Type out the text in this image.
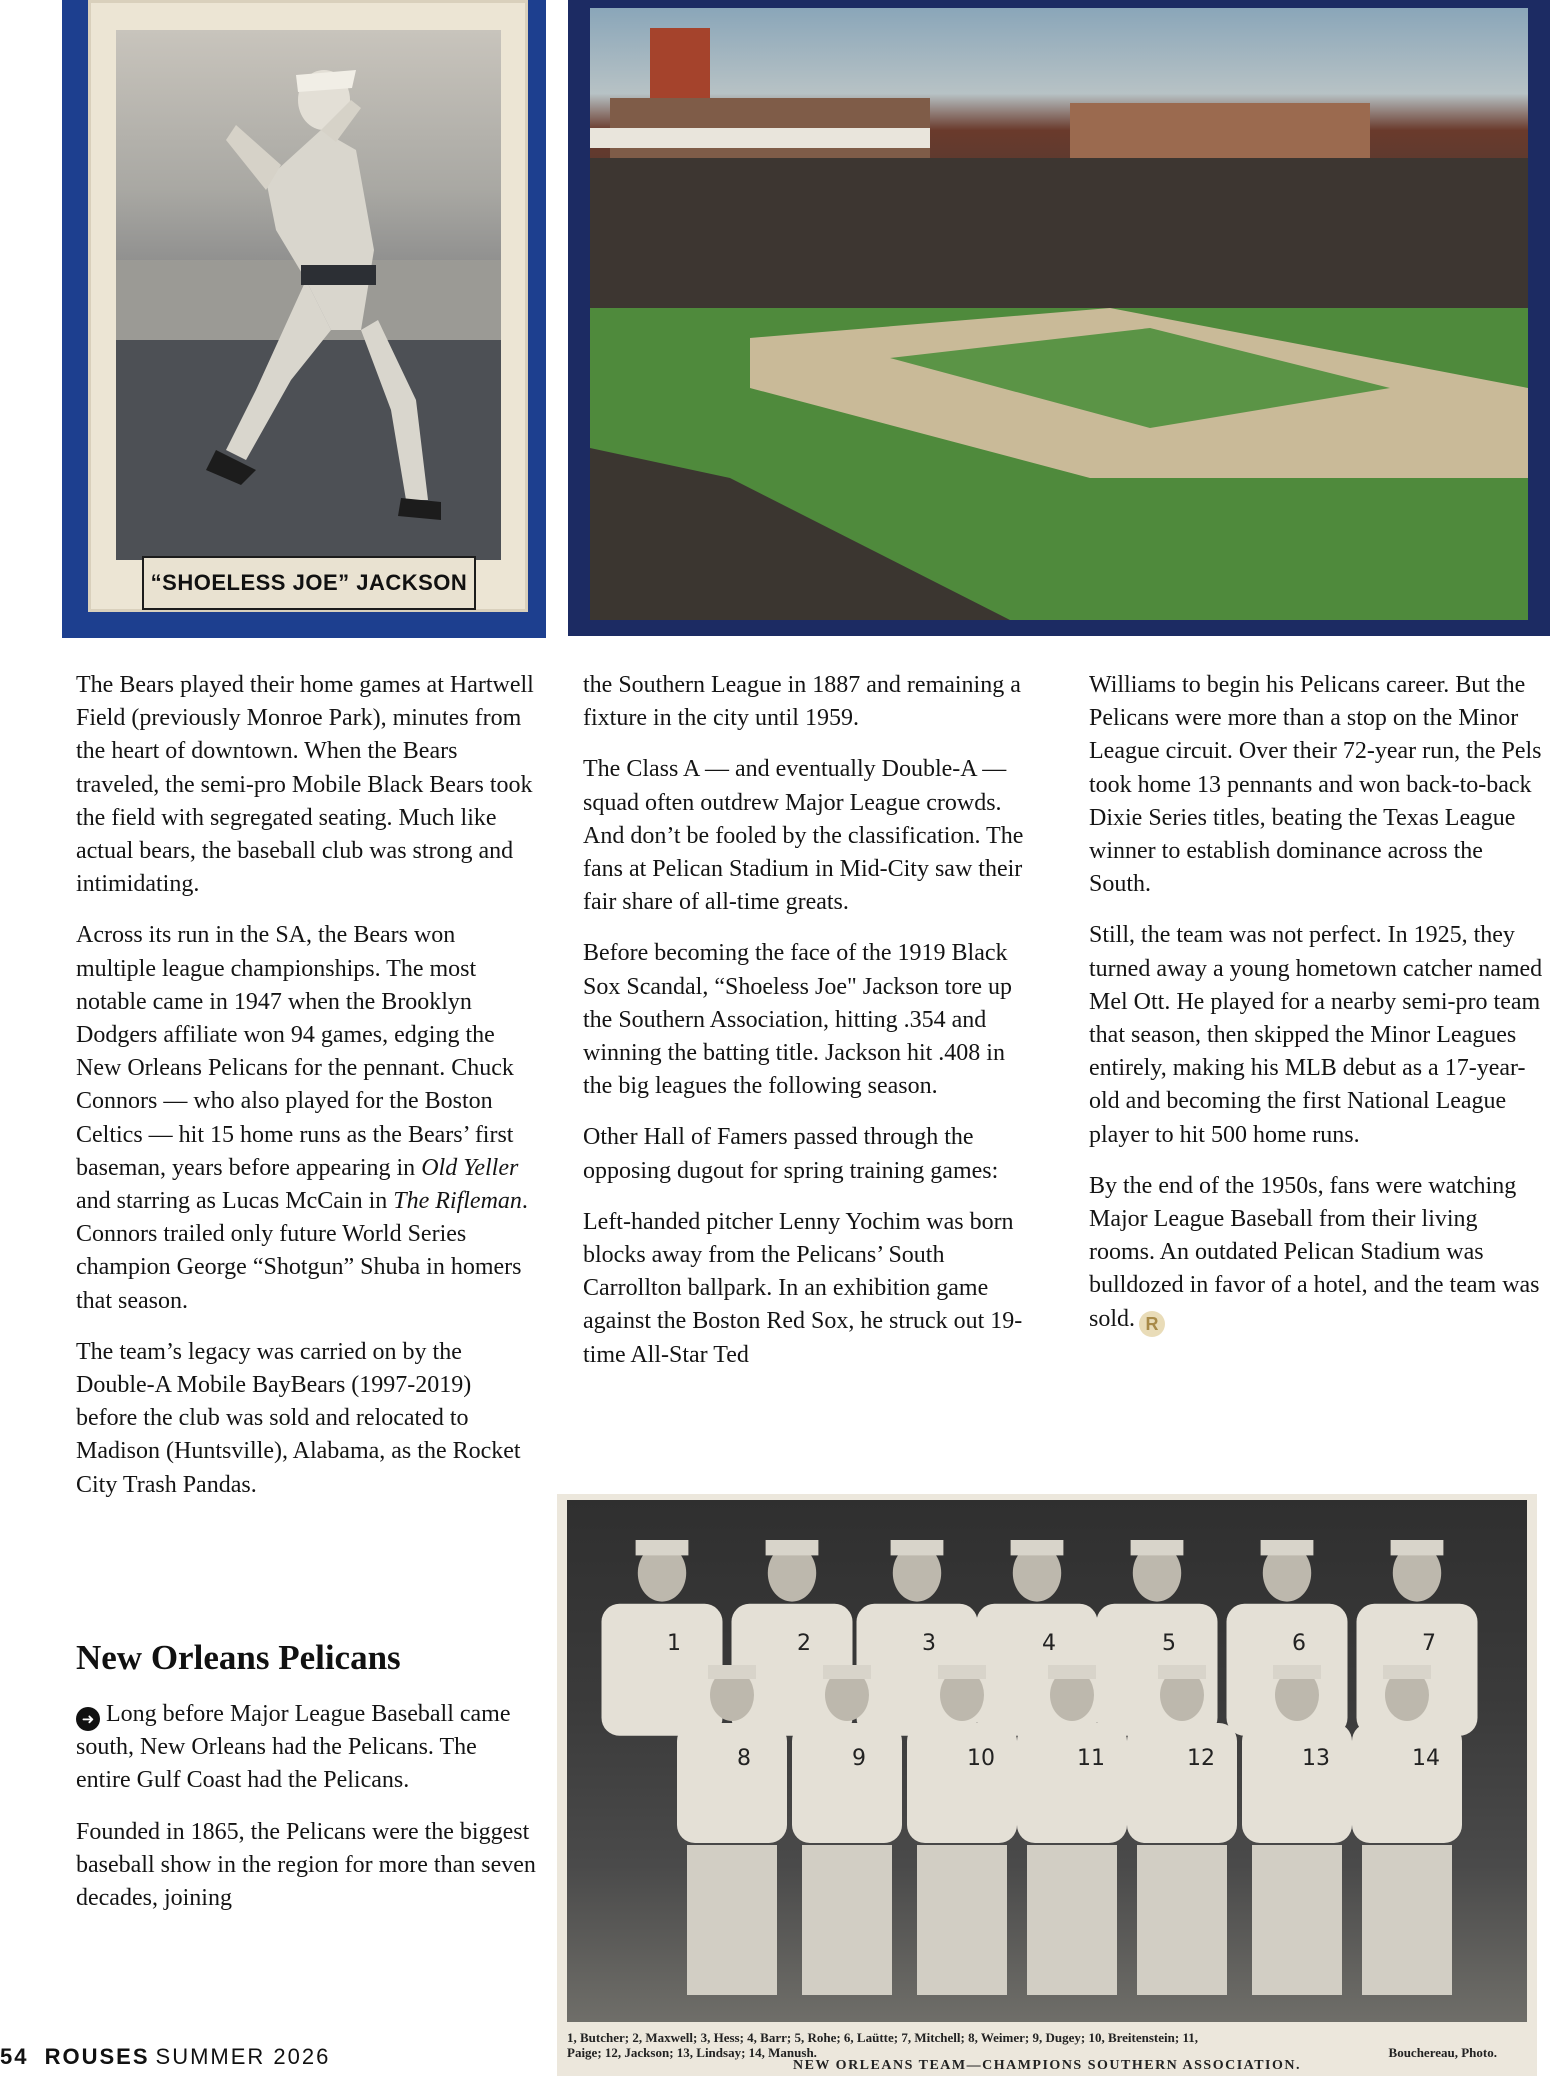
“SHOELESS JOE” JACKSON

The Bears played their home games at Hartwell Field (previously Monroe Park), minutes from the heart of downtown. When the Bears traveled, the semi-pro Mobile Black Bears took the field with segregated seating. Much like actual bears, the baseball club was strong and intimidating.

Across its run in the SA, the Bears won multiple league championships. The most notable came in 1947 when the Brooklyn Dodgers affiliate won 94 games, edging the New Orleans Pelicans for the pennant. Chuck Connors — who also played for the Boston Celtics — hit 15 home runs as the Bears’ first baseman, years before appearing in Old Yeller and starring as Lucas McCain in The Rifleman. Connors trailed only future World Series champion George “Shotgun” Shuba in homers that season.

The team’s legacy was carried on by the Double-A Mobile BayBears (1997-2019) before the club was sold and relocated to Madison (Huntsville), Alabama, as the Rocket City Trash Pandas.

New Orleans Pelicans

➜ Long before Major League Baseball came south, New Orleans had the Pelicans. The entire Gulf Coast had the Pelicans.

Founded in 1865, the Pelicans were the biggest baseball show in the region for more than seven decades, joining

the Southern League in 1887 and remaining a fixture in the city until 1959.

The Class A — and eventually Double-A — squad often outdrew Major League crowds. And don’t be fooled by the classification. The fans at Pelican Stadium in Mid-City saw their fair share of all-time greats.

Before becoming the face of the 1919 Black Sox Scandal, “Shoeless Joe" Jackson tore up the Southern Association, hitting .354 and winning the batting title. Jackson hit .408 in the big leagues the following season.

Other Hall of Famers passed through the opposing dugout for spring training games:

Left-handed pitcher Lenny Yochim was born blocks away from the Pelicans’ South Carrollton ballpark. In an exhibition game against the Boston Red Sox, he struck out 19-time All-Star Ted

Williams to begin his Pelicans career. But the Pelicans were more than a stop on the Minor League circuit. Over their 72-year run, the Pels took home 13 pennants and won back-to-back Dixie Series titles, beating the Texas League winner to establish dominance across the South.

Still, the team was not perfect. In 1925, they turned away a young hometown catcher named Mel Ott. He played for a nearby semi-pro team that season, then skipped the Minor Leagues entirely, making his MLB debut as a 17-year-old and becoming the first National League player to hit 500 home runs.

By the end of the 1950s, fans were watching Major League Baseball from their living rooms. An outdated Pelican Stadium was bulldozed in favor of a hotel, and the team was sold. R

1	2	3	4	5	6	7
8	9	10	11	12	13	14
1, Butcher; 2, Maxwell; 3, Hess; 4, Barr; 5, Rohe; 6, Laütte; 7, Mitchell; 8, Weimer; 9, Dugey; 10, Breitenstein; 11,
Paige; 12, Jackson; 13, Lindsay; 14, Manush.	Bouchereau, Photo.
NEW ORLEANS TEAM—CHAMPIONS SOUTHERN ASSOCIATION.
54 ROUSES SUMMER 2026
